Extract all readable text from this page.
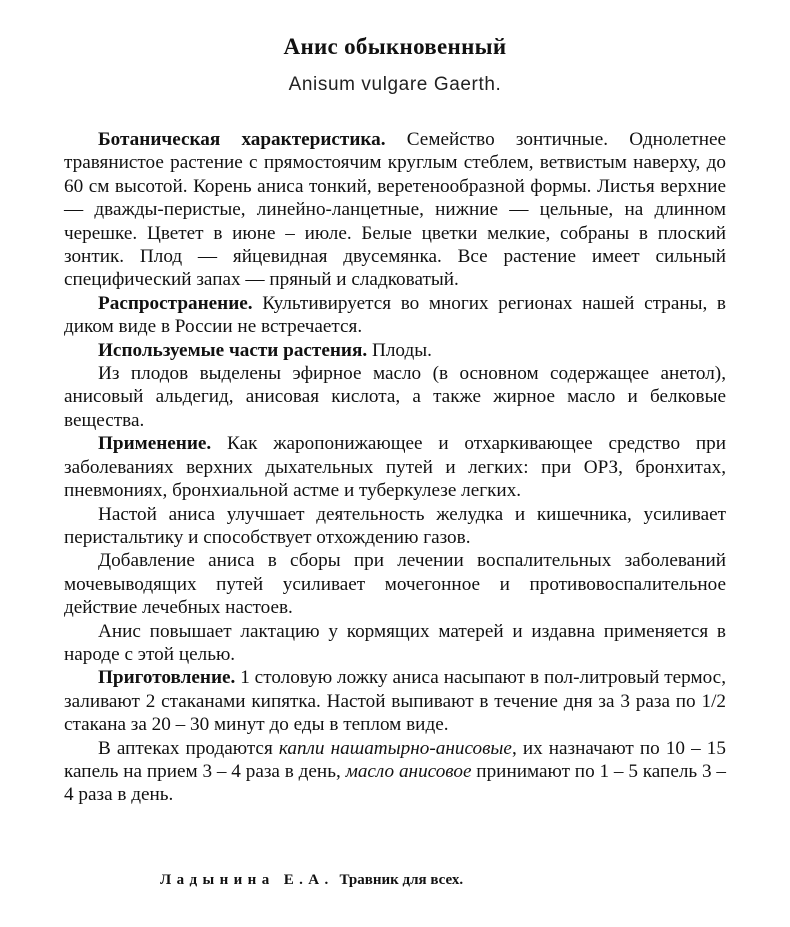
Анис обыкновенный
Anisum vulgare Gaerth.

Ботаническая характеристика. Семейство зонтичные. Однолетнее травянистое растение с прямостоячим круглым стеблем, ветвистым наверху, до 60 см высотой. Корень аниса тонкий, веретенообразной формы. Листья верхние — дважды-перистые, линейно-ланцетные, нижние — цельные, на длинном черешке. Цветет в июне – июле. Белые цветки мелкие, собраны в плоский зонтик. Плод — яйцевидная двусемянка. Все растение имеет сильный специфический запах — пряный и сладковатый.

Распространение. Культивируется во многих регионах нашей страны, в диком виде в России не встречается.

Используемые части растения. Плоды.

Из плодов выделены эфирное масло (в основном содержащее анетол), анисовый альдегид, анисовая кислота, а также жирное масло и белковые вещества.

Применение. Как жаропонижающее и отхаркивающее средство при заболеваниях верхних дыхательных путей и легких: при ОРЗ, бронхитах, пневмониях, бронхиальной астме и туберкулезе легких.

Настой аниса улучшает деятельность желудка и кишечника, усиливает перистальтику и способствует отхождению газов.

Добавление аниса в сборы при лечении воспалительных заболеваний мочевыводящих путей усиливает мочегонное и противовоспалительное действие лечебных настоев.

Анис повышает лактацию у кормящих матерей и издавна применяется в народе с этой целью.

Приготовление. 1 столовую ложку аниса насыпают в пол-литровый термос, заливают 2 стаканами кипятка. Настой выпивают в течение дня за 3 раза по 1/2 стакана за 20 – 30 минут до еды в теплом виде.

В аптеках продаются капли нашатырно-анисовые, их назначают по 10 – 15 капель на прием 3 – 4 раза в день, масло анисовое принимают по 1 – 5 капель 3 – 4 раза в день.

Ладынина Е.А. Травник для всех.
